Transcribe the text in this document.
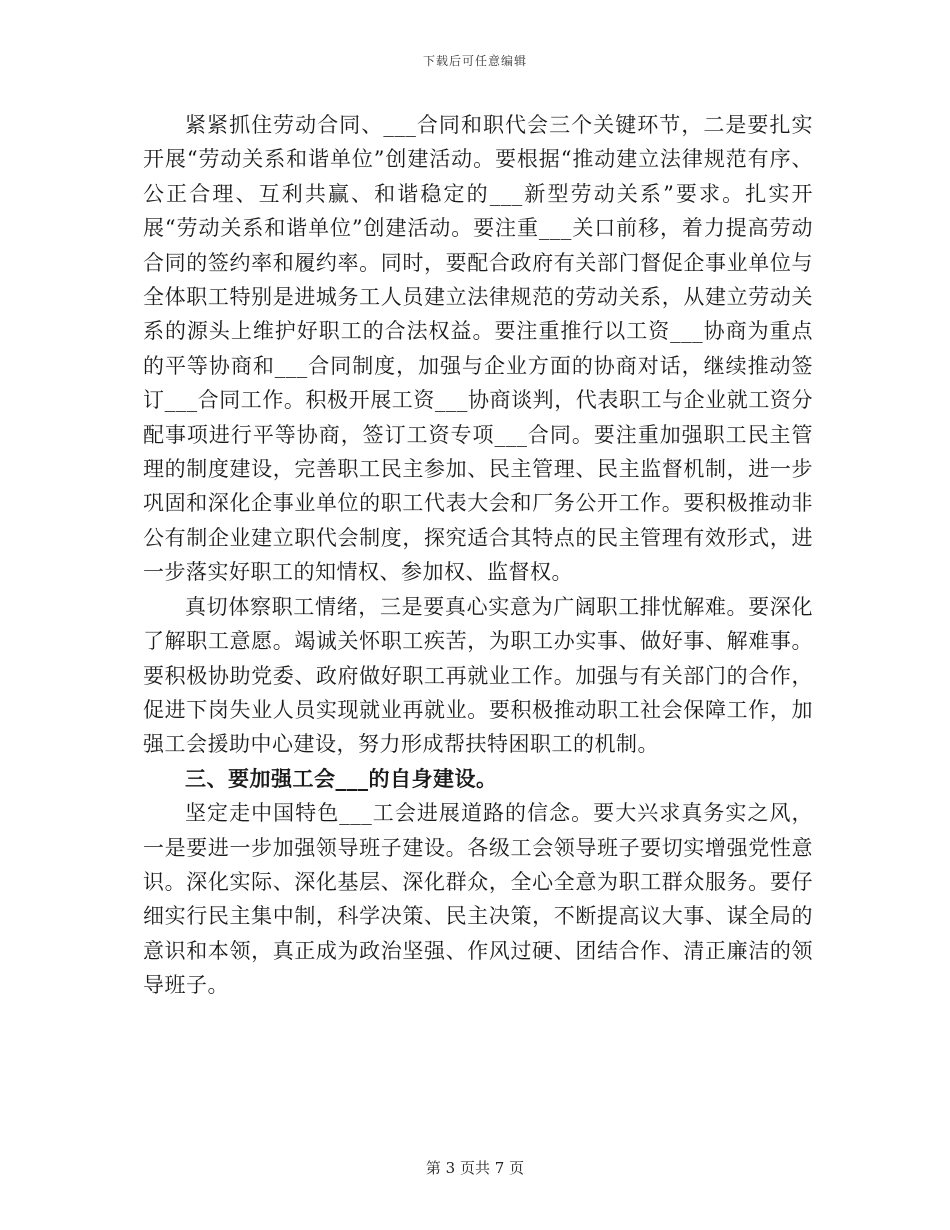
下载后可任意编辑

紧紧抓住劳动合同、___合同和职代会三个关键环节，二是要扎实开展“劳动关系和谐单位”创建活动。要根据“推动建立法律规范有序、公正合理、互利共赢、和谐稳定的___新型劳动关系”要求。扎实开展“劳动关系和谐单位”创建活动。要注重___关口前移，着力提高劳动合同的签约率和履约率。同时，要配合政府有关部门督促企事业单位与全体职工特别是进城务工人员建立法律规范的劳动关系，从建立劳动关系的源头上维护好职工的合法权益。要注重推行以工资___协商为重点的平等协商和___合同制度，加强与企业方面的协商对话，继续推动签订___合同工作。积极开展工资___协商谈判，代表职工与企业就工资分配事项进行平等协商，签订工资专项___合同。要注重加强职工民主管理的制度建设，完善职工民主参加、民主管理、民主监督机制，进一步巩固和深化企事业单位的职工代表大会和厂务公开工作。要积极推动非公有制企业建立职代会制度，探究适合其特点的民主管理有效形式，进一步落实好职工的知情权、参加权、监督权。

真切体察职工情绪，三是要真心实意为广阔职工排忧解难。要深化了解职工意愿。竭诚关怀职工疾苦，为职工办实事、做好事、解难事。要积极协助党委、政府做好职工再就业工作。加强与有关部门的合作，促进下岗失业人员实现就业再就业。要积极推动职工社会保障工作，加强工会援助中心建设，努力形成帮扶特困职工的机制。

三、要加强工会___的自身建设。

坚定走中国特色___工会进展道路的信念。要大兴求真务实之风，一是要进一步加强领导班子建设。各级工会领导班子要切实增强党性意识。深化实际、深化基层、深化群众，全心全意为职工群众服务。要仔细实行民主集中制，科学决策、民主决策，不断提高议大事、谋全局的意识和本领，真正成为政治坚强、作风过硬、团结合作、清正廉洁的领导班子。

第 3 页共 7 页
